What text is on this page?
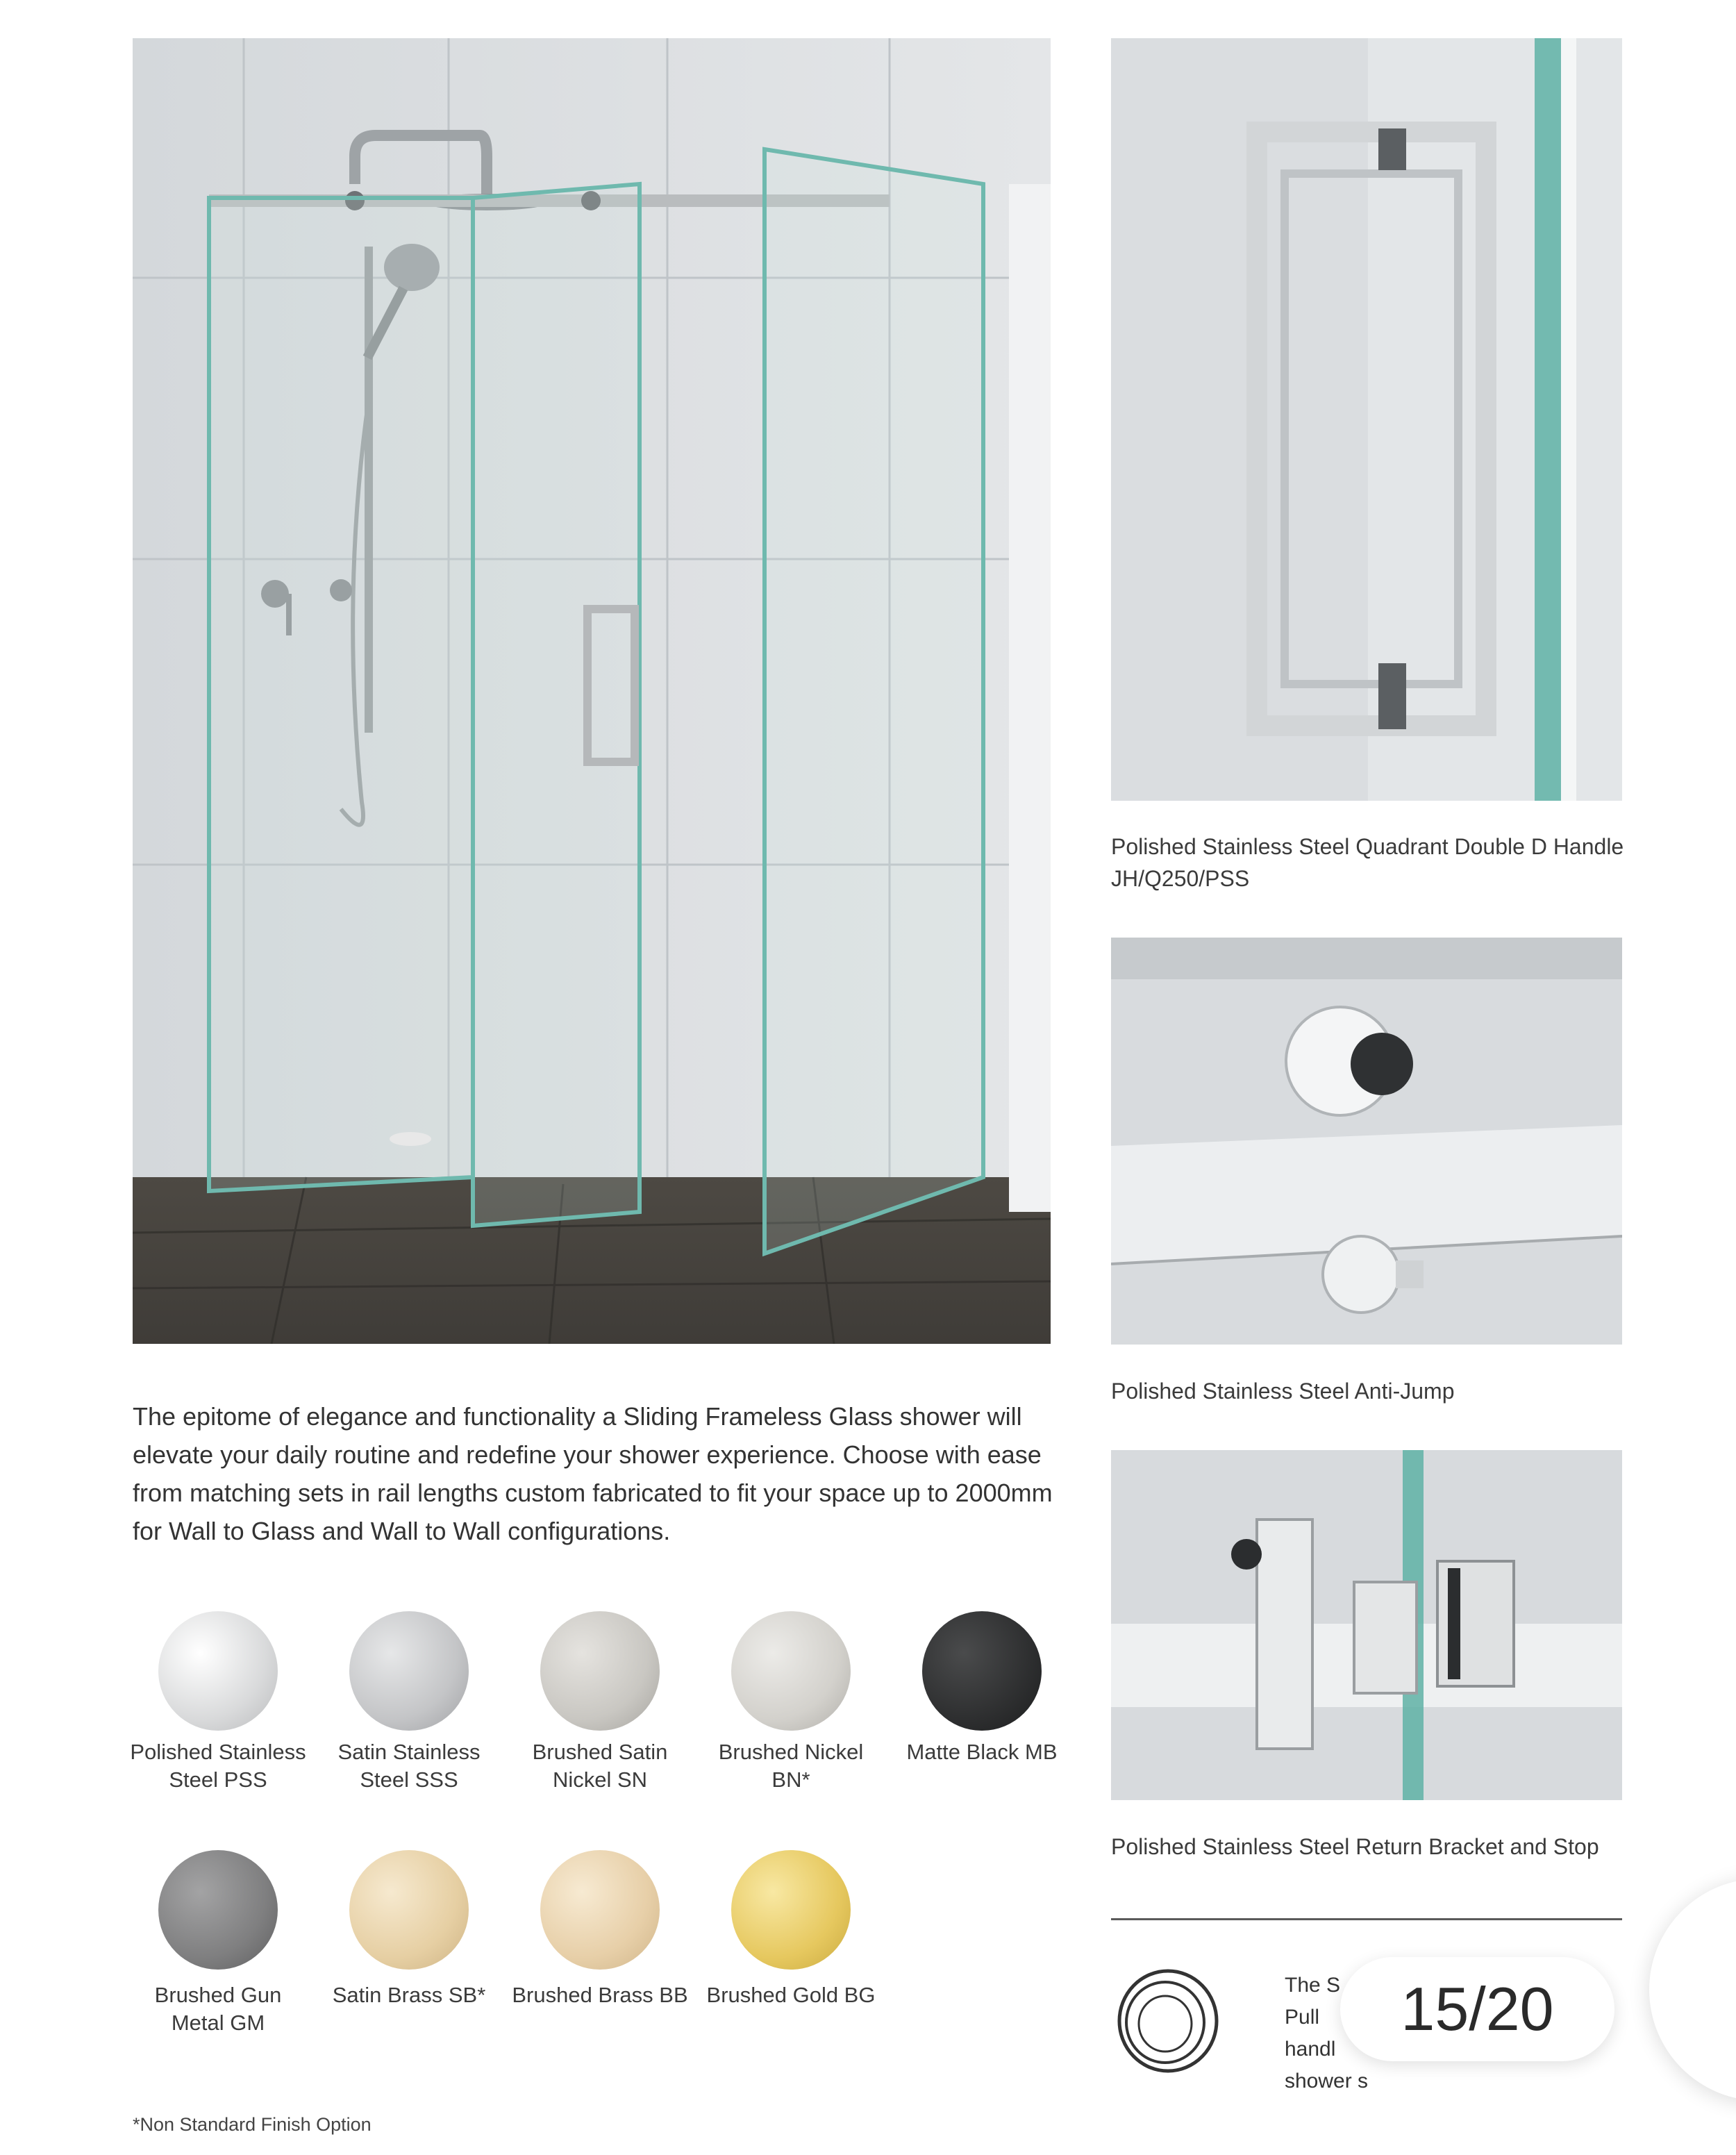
Polished Stainless Steel Quadrant Double D Handle JH/Q250/PSS
Polished Stainless Steel Anti-Jump
Polished Stainless Steel Return Bracket and Stop
The epitome of elegance and functionality a Sliding Frameless Glass shower will elevate your daily routine and redefine your shower experience. Choose with ease from matching sets in rail lengths custom fabricated to fit your space up to 2000mm for Wall to Glass and Wall to Wall configurations.
Polished Stainless Steel PSS
Satin Stainless Steel SSS
Brushed Satin Nickel SN
Brushed Nickel BN*
Matte Black MB
Brushed Gun Metal GM
Satin Brass SB*	Brushed Brass BB Brushed Gold BG
*Non Standard Finish Option
The S
Pull
handl
shower s
15/20
